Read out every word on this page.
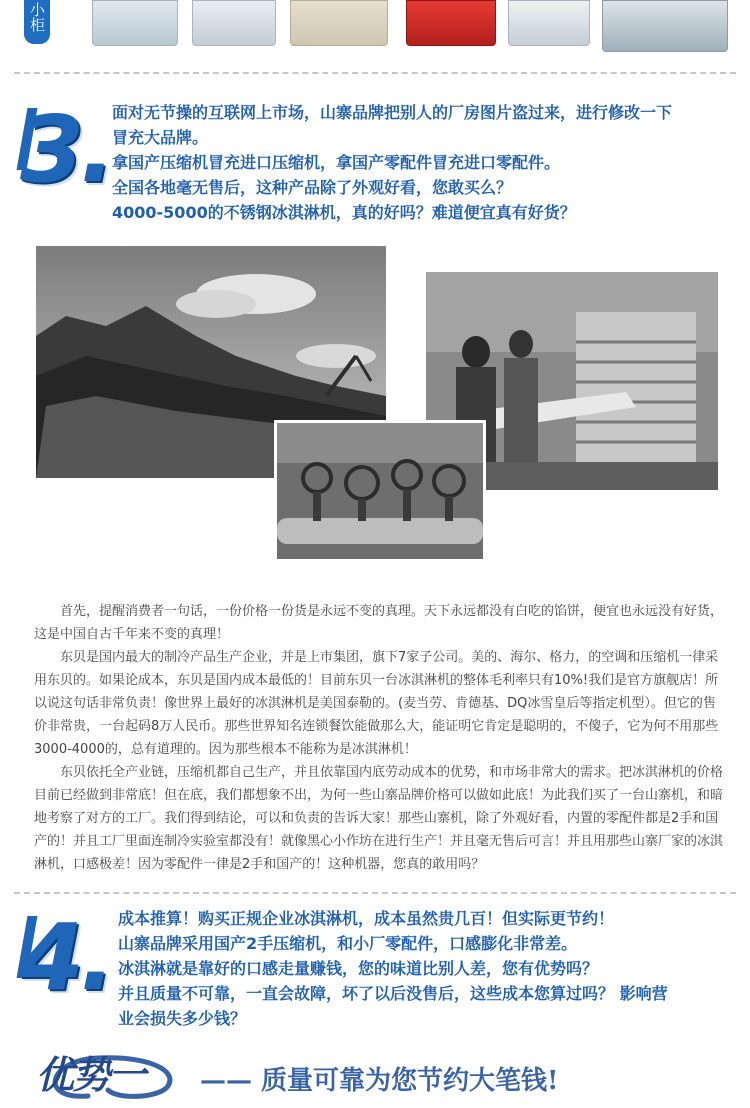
小柜
3. 面对无节操的互联网上市场，山寨品牌把别人的厂房图片盗过来，进行修改一下
冒充大品牌。
拿国产压缩机冒充进口压缩机，拿国产零配件冒充进口零配件。
全国各地毫无售后，这种产品除了外观好看，您敢买么？
4000-5000的不锈钢冰淇淋机，真的好吗？难道便宜真有好货？

首先，提醒消费者一句话，一份价格一份货是永远不变的真理。天下永远都没有白吃的馅饼，便宜也永远没有好货，这是中国自古千年来不变的真理！

东贝是国内最大的制冷产品生产企业，并是上市集团，旗下7家子公司。美的、海尔、格力，的空调和压缩机一律采用东贝的。如果论成本，东贝是国内成本最低的！目前东贝一台冰淇淋机的整体毛利率只有10%!我们是官方旗舰店！所以说这句话非常负责！像世界上最好的冰淇淋机是美国泰勒的。(麦当劳、肯德基、DQ冰雪皇后等指定机型）。但它的售价非常贵，一台起码8万人民币。那些世界知名连锁餐饮能做那么大，能证明它肯定是聪明的，不傻子，它为何不用那些3000-4000的，总有道理的。因为那些根本不能称为是冰淇淋机！

东贝依托全产业链，压缩机都自己生产，并且依靠国内底劳动成本的优势，和市场非常大的需求。把冰淇淋机的价格目前已经做到非常底！但在底，我们都想象不出，为何一些山寨品牌价格可以做如此底！为此我们买了一台山寨机，和暗地考察了对方的工厂。我们得到结论，可以和负责的告诉大家！那些山寨机，除了外观好看，内置的零配件都是2手和国产的！并且工厂里面连制冷实验室都没有！就像黑心小作坊在进行生产！并且毫无售后可言！并且用那些山寨厂家的冰淇淋机，口感极差！因为零配件一律是2手和国产的！这种机器，您真的敢用吗？

4. 成本推算！购买正规企业冰淇淋机，成本虽然贵几百！但实际更节约！
山寨品牌采用国产2手压缩机，和小厂零配件，口感膨化非常差。
冰淇淋就是靠好的口感走量赚钱，您的味道比别人差，您有优势吗？
并且质量不可靠，一直会故障，坏了以后没售后，这些成本您算过吗？ 影响营
业会损失多少钱？
优势一 —— 质量可靠为您节约大笔钱!
